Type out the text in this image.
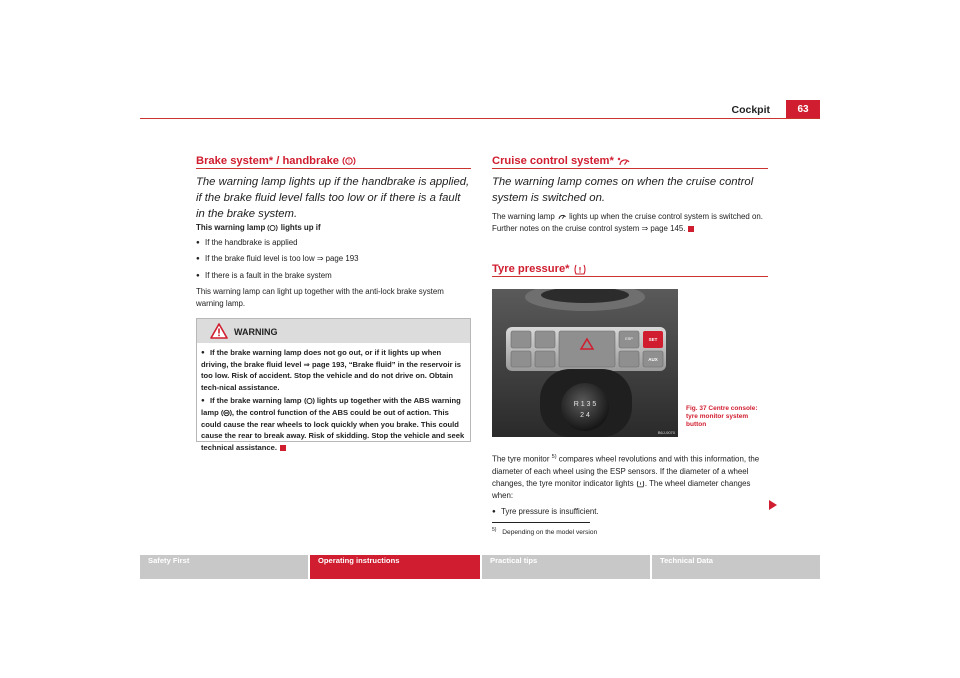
Cockpit	63
Brake system* / handbrake !
The warning lamp lights up if the handbrake is applied, if the brake fluid level falls too low or if there is a fault in the brake system.
This warning lamp lights up if
● If the handbrake is applied
● If the brake fluid level is too low ⇒ page 193
● If there is a fault in the brake system
This warning lamp can light up together with the anti-lock brake system warning lamp.
WARNING
● If the brake warning lamp does not go out, or if it lights up when driving, the brake fluid level ⇒ page 193, “Brake fluid” in the reservoir is too low. Risk of accident. Stop the vehicle and do not drive on. Obtain tech-nical assistance.
● If the brake warning lamp lights up together with the ABS warning lamp , the control function of the ABS could be out of action. This could cause the rear wheels to lock quickly when you brake. This could cause the rear to break away. Risk of skidding. Stop the vehicle and seek technical assistance.
Cruise control system*
The warning lamp comes on when the cruise control system is switched on.
The warning lamp lights up when the cruise control system is switched on. Further notes on the cruise control system ⇒ page 145.
Tyre pressure*
SET
AUX
ESP
R 1 3 5
2 4
B6J-0070
Fig. 37 Centre console: tyre monitor system button
The tyre monitor $^{5)}$ compares wheel revolutions and with this information, the diameter of each wheel using the ESP sensors. If the diameter of a wheel changes, the tyre monitor indicator lights . The wheel diameter changes when:
● Tyre pressure is insufficient.
$^{5)}$ Depending on the model version
Safety First	Operating instructions	Practical tips	Technical Data
